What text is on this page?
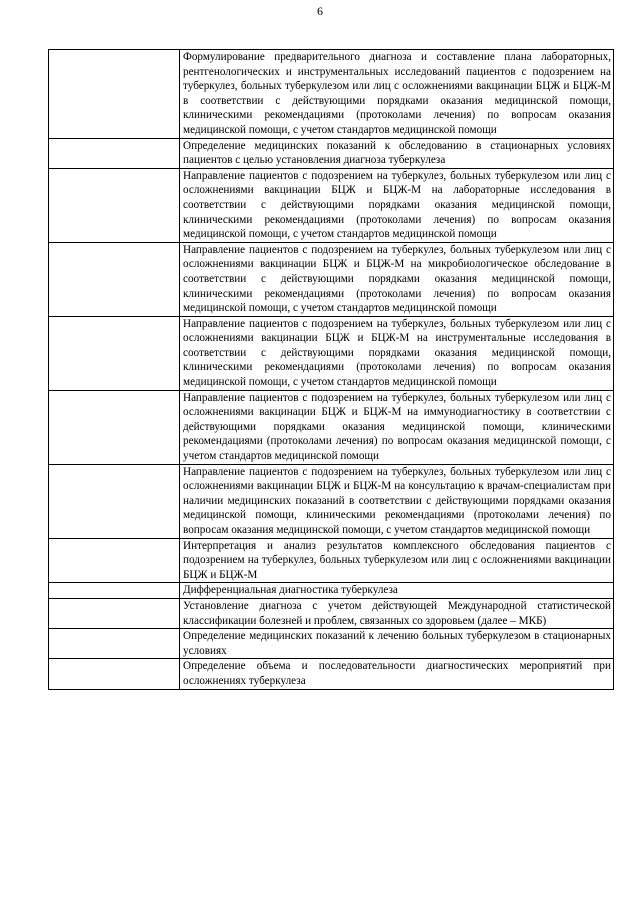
6

	Формулирование предварительного диагноза и составление плана лабораторных, рентгенологических и инструментальных исследований пациентов с подозрением на туберкулез, больных туберкулезом или лиц с осложнениями вакцинации БЦЖ и БЦЖ-М в соответствии с действующими порядками оказания медицинской помощи, клиническими рекомендациями (протоколами лечения) по вопросам оказания медицинской помощи, с учетом стандартов медицинской помощи

	Определение медицинских показаний к обследованию в стационарных условиях пациентов с целью установления диагноза туберкулеза

	Направление пациентов с подозрением на туберкулез, больных туберкулезом или лиц с осложнениями вакцинации БЦЖ и БЦЖ-М на лабораторные исследования в соответствии с действующими порядками оказания медицинской помощи, клиническими рекомендациями (протоколами лечения) по вопросам оказания медицинской помощи, с учетом стандартов медицинской помощи

	Направление пациентов с подозрением на туберкулез, больных туберкулезом или лиц с осложнениями вакцинации БЦЖ и БЦЖ-М на микробиологическое обследование в соответствии с действующими порядками оказания медицинской помощи, клиническими рекомендациями (протоколами лечения) по вопросам оказания медицинской помощи, с учетом стандартов медицинской помощи

	Направление пациентов с подозрением на туберкулез, больных туберкулезом или лиц с осложнениями вакцинации БЦЖ и БЦЖ-М на инструментальные исследования в соответствии с действующими порядками оказания медицинской помощи, клиническими рекомендациями (протоколами лечения) по вопросам оказания медицинской помощи, с учетом стандартов медицинской помощи

	Направление пациентов с подозрением на туберкулез, больных туберкулезом или лиц с осложнениями вакцинации БЦЖ и БЦЖ-М на иммунодиагностику в соответствии с действующими порядками оказания медицинской помощи, клиническими рекомендациями (протоколами лечения) по вопросам оказания медицинской помощи, с учетом стандартов медицинской помощи

	Направление пациентов с подозрением на туберкулез, больных туберкулезом или лиц с осложнениями вакцинации БЦЖ и БЦЖ-М на консультацию к врачам-специалистам при наличии медицинских показаний в соответствии с действующими порядками оказания медицинской помощи, клиническими рекомендациями (протоколами лечения) по вопросам оказания медицинской помощи, с учетом стандартов медицинской помощи

	Интерпретация и анализ результатов комплексного обследования пациентов с подозрением на туберкулез, больных туберкулезом или лиц с осложнениями вакцинации БЦЖ и БЦЖ-М

	Дифференциальная диагностика туберкулеза

	Установление диагноза с учетом действующей Международной статистической классификации болезней и проблем, связанных со здоровьем (далее – МКБ)

	Определение медицинских показаний к лечению больных туберкулезом в стационарных условиях

	Определение объема и последовательности диагностических мероприятий при осложнениях туберкулеза
